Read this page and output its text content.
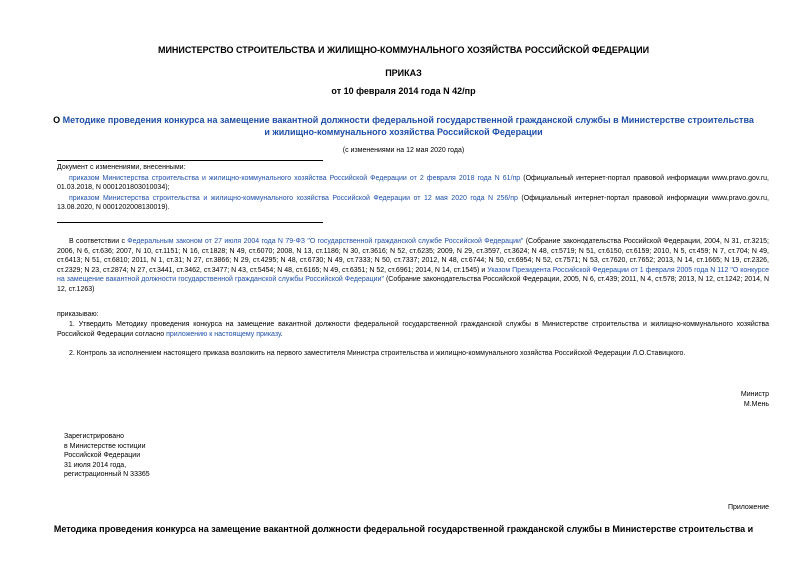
МИНИСТЕРСТВО СТРОИТЕЛЬСТВА И ЖИЛИЩНО-КОММУНАЛЬНОГО ХОЗЯЙСТВА РОССИЙСКОЙ ФЕДЕРАЦИИ
ПРИКАЗ
от 10 февраля 2014 года N 42/пр
О Методике проведения конкурса на замещение вакантной должности федеральной государственной гражданской службы в Министерстве строительства и жилищно-коммунального хозяйства Российской Федерации
(с изменениями на 12 мая 2020 года)
Документ с изменениями, внесенными:
приказом Министерства строительства и жилищно-коммунального хозяйства Российской Федерации от 2 февраля 2018 года N 61/пр (Официальный интернет-портал правовой информации www.pravo.gov.ru, 01.03.2018, N 0001201803010034);
приказом Министерства строительства и жилищно-коммунального хозяйства Российской Федерации от 12 мая 2020 года N 256/пр (Официальный интернет-портал правовой информации www.pravo.gov.ru, 13.08.2020, N 0001202008130019).
В соответствии с Федеральным законом от 27 июля 2004 года N 79-ФЗ "О государственной гражданской службе Российской Федерации" (Собрание законодательства Российской Федерации, 2004, N 31, ст.3215; 2006, N 6, ст.636; 2007, N 10, ст.1151; N 16, ст.1828; N 49, ст.6070; 2008, N 13, ст.1186; N 30, ст.3616; N 52, ст.6235; 2009, N 29, ст.3597, ст.3624; N 48, ст.5719; N 51, ст.6150, ст.6159; 2010, N 5, ст.459; N 7, ст.704; N 49, ст.6413; N 51, ст.6810; 2011, N 1, ст.31; N 27, ст.3866; N 29, ст.4295; N 48, ст.6730; N 49, ст.7333; N 50, ст.7337; 2012, N 48, ст.6744; N 50, ст.6954; N 52, ст.7571; N 53, ст.7620, ст.7652; 2013, N 14, ст.1665; N 19, ст.2326, ст.2329; N 23, ст.2874; N 27, ст.3441, ст.3462, ст.3477; N 43, ст.5454; N 48, ст.6165; N 49, ст.6351; N 52, ст.6961; 2014, N 14, ст.1545) и Указом Президента Российской Федерации от 1 февраля 2005 года N 112 "О конкурсе на замещение вакантной должности государственной гражданской службы Российской Федерации" (Собрание законодательства Российской Федерации, 2005, N 6, ст.439; 2011, N 4, ст.578; 2013, N 12, ст.1242; 2014, N 12, ст.1263)
приказываю:
1. Утвердить Методику проведения конкурса на замещение вакантной должности федеральной государственной гражданской службы в Министерстве строительства и жилищно-коммунального хозяйства Российской Федерации согласно приложению к настоящему приказу.
2. Контроль за исполнением настоящего приказа возложить на первого заместителя Министра строительства и жилищно-коммунального хозяйства Российской Федерации Л.О.Ставицкого.
Министр
М.Мень
Зарегистрировано
в Министерстве юстиции
Российской Федерации
31 июля 2014 года,
регистрационный N 33365
Приложение
Методика проведения конкурса на замещение вакантной должности федеральной государственной гражданской службы в Министерстве строительства и
